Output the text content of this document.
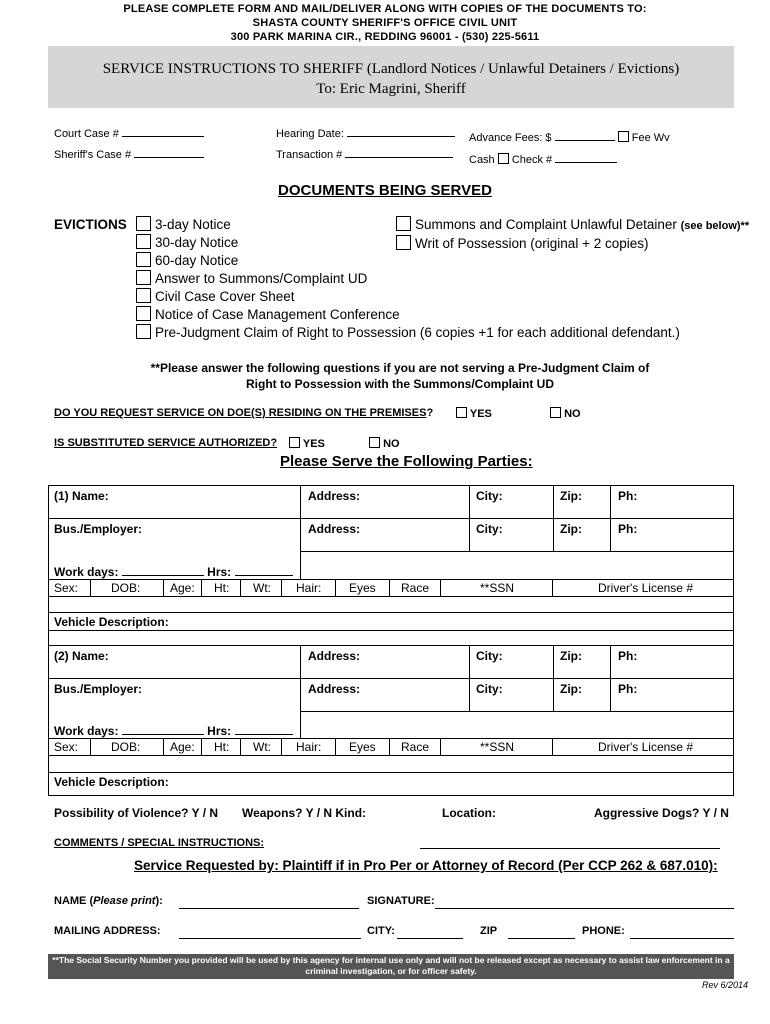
PLEASE COMPLETE FORM AND MAIL/DELIVER ALONG WITH COPIES OF THE DOCUMENTS TO:
SHASTA COUNTY SHERIFF'S OFFICE CIVIL UNIT
300 PARK MARINA CIR., REDDING 96001 - (530) 225-5611
SERVICE INSTRUCTIONS TO SHERIFF (Landlord Notices / Unlawful Detainers / Evictions)
To: Eric Magrini, Sheriff
Court Case #
Sheriff's Case #
Hearing Date:
Transaction #
Advance Fees: $	Fee Wv
Cash Check #
DOCUMENTS BEING SERVED
EVICTIONS	3-day Notice
30-day Notice
60-day Notice
Answer to Summons/Complaint UD
Civil Case Cover Sheet
Notice of Case Management Conference
Pre-Judgment Claim of Right to Possession (6 copies +1 for each additional defendant.)
Summons and Complaint Unlawful Detainer (see below)**
Writ of Possession (original + 2 copies)
**Please answer the following questions if you are not serving a Pre-Judgment Claim of
Right to Possession with the Summons/Complaint UD
DO YOU REQUEST SERVICE ON DOE(S) RESIDING ON THE PREMISES?	YES	NO
IS SUBSTITUTED SERVICE AUTHORIZED?	YES	NO
Please Serve the Following Parties:
(1) Name:	Address:	City:	Zip:	Ph:
Bus./Employer:	Address:	City:	Zip:	Ph:
Work days:	Hrs:
Sex:	DOB: Age: Ht: Wt: Hair: Eyes Race	**SSN	Driver's License #
Vehicle Description:
(2) Name:	Address:	City:	Zip:	Ph:
Bus./Employer:	Address:	City:	Zip:	Ph:
Work days:	Hrs:
Sex:	DOB: Age: Ht: Wt: Hair: Eyes Race	**SSN	Driver's License #
Vehicle Description:
Possibility of Violence? Y / N Weapons? Y / N Kind:	Location:	Aggressive Dogs? Y / N
COMMENTS / SPECIAL INSTRUCTIONS:
Service Requested by: Plaintiff if in Pro Per or Attorney of Record (Per CCP 262 & 687.010):
NAME (Please print):	SIGNATURE:
MAILING ADDRESS:	CITY:	ZIP	PHONE:
**The Social Security Number you provided will be used by this agency for internal use only and will not be released except as necessary to assist law enforcement in a
criminal investigation, or for officer safety.
Rev 6/2014
